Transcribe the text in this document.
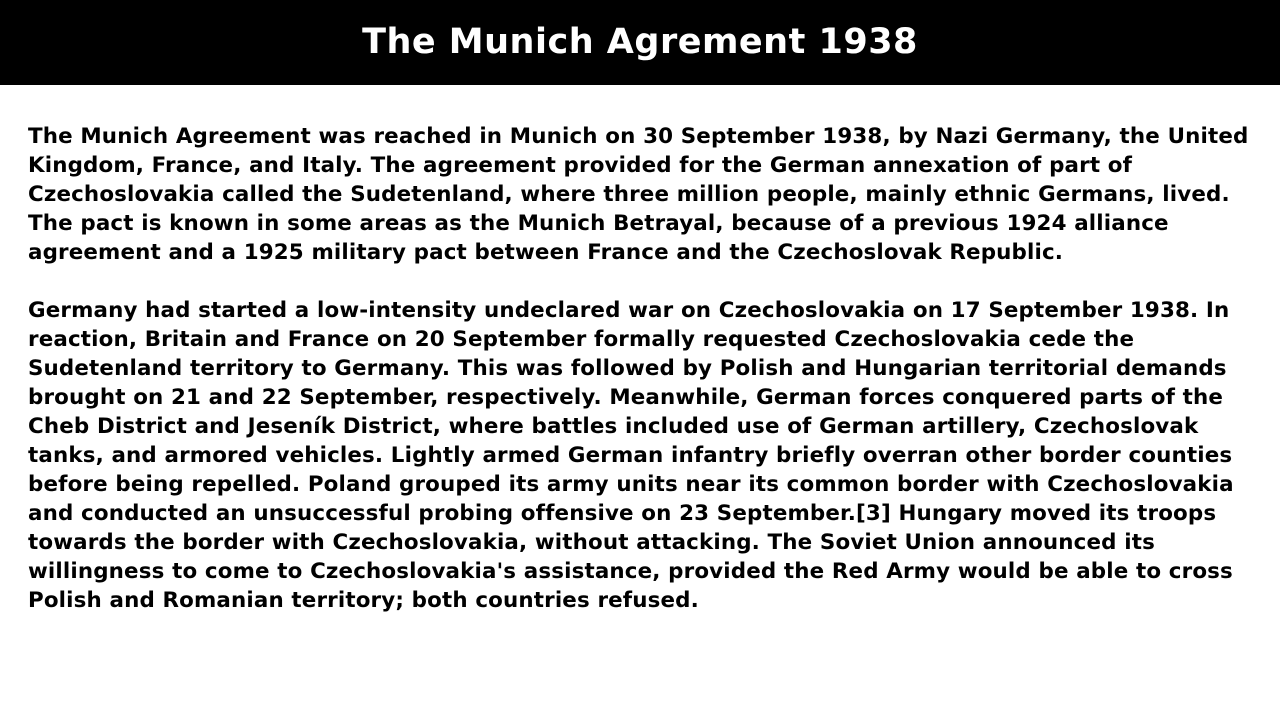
The Munich Agrement 1938

The Munich Agreement was reached in Munich on 30 September 1938, by Nazi Germany, the United Kingdom, France, and Italy. The agreement provided for the German annexation of part of Czechoslovakia called the Sudetenland, where three million people, mainly ethnic Germans, lived. The pact is known in some areas as the Munich Betrayal, because of a previous 1924 alliance agreement and a 1925 military pact between France and the Czechoslovak Republic.

Germany had started a low-intensity undeclared war on Czechoslovakia on 17 September 1938. In reaction, Britain and France on 20 September formally requested Czechoslovakia cede the Sudetenland territory to Germany. This was followed by Polish and Hungarian territorial demands brought on 21 and 22 September, respectively. Meanwhile, German forces conquered parts of the Cheb District and Jeseník District, where battles included use of German artillery, Czechoslovak tanks, and armored vehicles. Lightly armed German infantry briefly overran other border counties before being repelled. Poland grouped its army units near its common border with Czechoslovakia and conducted an unsuccessful probing offensive on 23 September.[3] Hungary moved its troops towards the border with Czechoslovakia, without attacking. The Soviet Union announced its willingness to come to Czechoslovakia's assistance, provided the Red Army would be able to cross Polish and Romanian territory; both countries refused.
